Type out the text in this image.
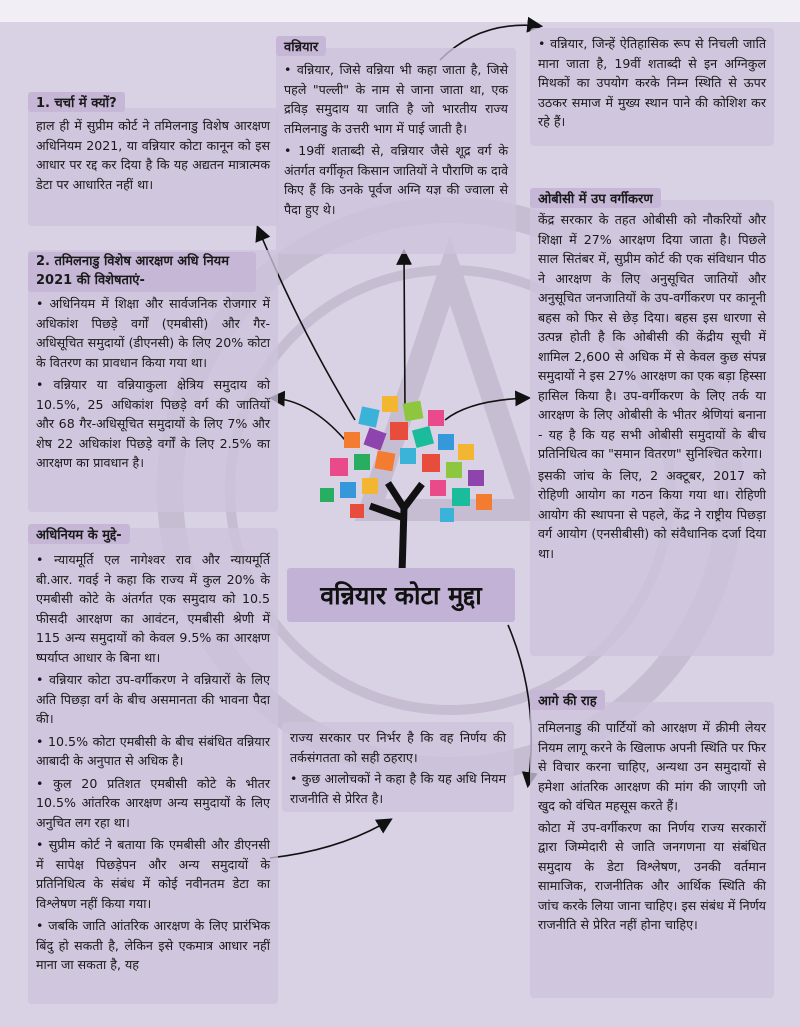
वन्नियार कोटा मुद्दा

हाल ही में सुप्रीम कोर्ट ने तमिलनाडु विशेष आरक्षण अधिनियम 2021, या वन्नियार कोटा कानून को इस आधार पर रद्द कर दिया है कि यह अद्यतन मात्रात्मक डेटा पर आधारित नहीं था।

1. चर्चा में क्यों?
• अधिनियम में शिक्षा और सार्वजनिक रोजगार में अधिकांश पिछड़े वर्गों (एमबीसी) और गैर-अधिसूचित समुदायों (डीएनसी) के लिए 20% कोटा के वितरण का प्रावधान किया गया था।
• वन्नियार या वन्नियाकुला क्षेत्रिय समुदाय को 10.5%, 25 अधिकांश पिछड़े वर्ग की जातियों और 68 गैर-अधिसूचित समुदायों के लिए 7% और शेष 22 अधिकांश पिछड़े वर्गों के लिए 2.5% का आरक्षण का प्रावधान है।
2. तमिलनाडु विशेष आरक्षण अधि नियम 2021 की विशेषताएं-
• न्यायमूर्ति एल नागेश्वर राव और न्यायमूर्ति बी.आर. गवई ने कहा कि राज्य में कुल 20% के एमबीसी कोटे के अंतर्गत एक समुदाय को 10.5 फीसदी आरक्षण का आवंटन, एमबीसी श्रेणी में 115 अन्य समुदायों को केवल 9.5% का आरक्षण ष्पर्याप्त आधार के बिना था।
• वन्नियार कोटा उप-वर्गीकरण ने वन्नियारों के लिए अति पिछड़ा वर्ग के बीच असमानता की भावना पैदा की।
• 10.5% कोटा एमबीसी के बीच संबंधित वन्नियार आबादी के अनुपात से अधिक है।
• कुल 20 प्रतिशत एमबीसी कोटे के भीतर 10.5% आंतरिक आरक्षण अन्य समुदायों के लिए अनुचित लग रहा था।
• सुप्रीम कोर्ट ने बताया कि एमबीसी और डीएनसी में सापेक्ष पिछड़ेपन और अन्य समुदायों के प्रतिनिधित्व के संबंध में कोई नवीनतम डेटा का विश्लेषण नहीं किया गया।
• जबकि जाति आंतरिक आरक्षण के लिए प्रारंभिक बिंदु हो सकती है, लेकिन इसे एकमात्र आधार नहीं माना जा सकता है, यह
अधिनियम के मुद्दे-
• वन्नियार, जिसे वन्निया भी कहा जाता है, जिसे पहले "पल्ली" के नाम से जाना जाता था, एक द्रविड़ समुदाय या जाति है जो भारतीय राज्य तमिलनाडु के उत्तरी भाग में पाई जाती है।
• 19वीं शताब्दी से, वन्नियार जैसे शूद्र वर्ग के अंतर्गत वर्गीकृत किसान जातियों ने पौराणि क दावे किए हैं कि उनके पूर्वज अग्नि यज्ञ की ज्वाला से पैदा हुए थे।
वन्नियार
•	वन्नियार, जिन्हें ऐतिहासिक रूप से निचली जाति माना जाता है, 19वीं शताब्दी से इन अग्निकुल मिथकों का उपयोग करके निम्न स्थिति से ऊपर उठकर समाज में मुख्य स्थान पाने की कोशिश कर रहे हैं।

केंद्र सरकार के तहत ओबीसी को नौकरियों और शिक्षा में 27% आरक्षण दिया जाता है। पिछले साल सितंबर में, सुप्रीम कोर्ट की एक संविधान पीठ ने आरक्षण के लिए अनुसूचित जातियों और अनुसूचित जनजातियों के उप-वर्गीकरण पर कानूनी बहस को फिर से छेड़ दिया। बहस इस धारणा से उत्पन्न होती है कि ओबीसी की केंद्रीय सूची में शामिल 2,600 से अधिक में से केवल कुछ संपन्न समुदायों ने इस 27% आरक्षण का एक बड़ा हिस्सा हासिल किया है। उप-वर्गीकरण के लिए तर्क या आरक्षण के लिए ओबीसी के भीतर श्रेणियां बनाना - यह है कि यह सभी ओबीसी समुदायों के बीच प्रतिनिधित्व का "समान वितरण" सुनिश्चित करेगा।

इसकी जांच के लिए, 2 अक्टूबर, 2017 को रोहिणी आयोग का गठन किया गया था। रोहिणी आयोग की स्थापना से पहले, केंद्र ने राष्ट्रीय पिछड़ा वर्ग आयोग (एनसीबीसी) को संवैधानिक दर्जा दिया था।

ओबीसी में उप वर्गीकरण

राज्य सरकार पर निर्भर है कि वह निर्णय की तर्कसंगतता को सही ठहराए।

• कुछ आलोचकों ने कहा है कि यह अधि नियम राजनीति से प्रेरित है।

तमिलनाडु की पार्टियों को आरक्षण में क्रीमी लेयर नियम लागू करने के खिलाफ अपनी स्थिति पर फिर से विचार करना चाहिए, अन्यथा उन समुदायों से हमेशा आंतरिक आरक्षण की मांग की जाएगी जो खुद को वंचित महसूस करते हैं।

कोटा में उप-वर्गीकरण का निर्णय राज्य सरकारों द्वारा जिम्मेदारी से जाति जनगणना या संबंधित समुदाय के डेटा विश्लेषण, उनकी वर्तमान सामाजिक, राजनीतिक और आर्थिक स्थिति की जांच करके लिया जाना चाहिए। इस संबंध में निर्णय राजनीति से प्रेरित नहीं होना चाहिए।

आगे की राह
